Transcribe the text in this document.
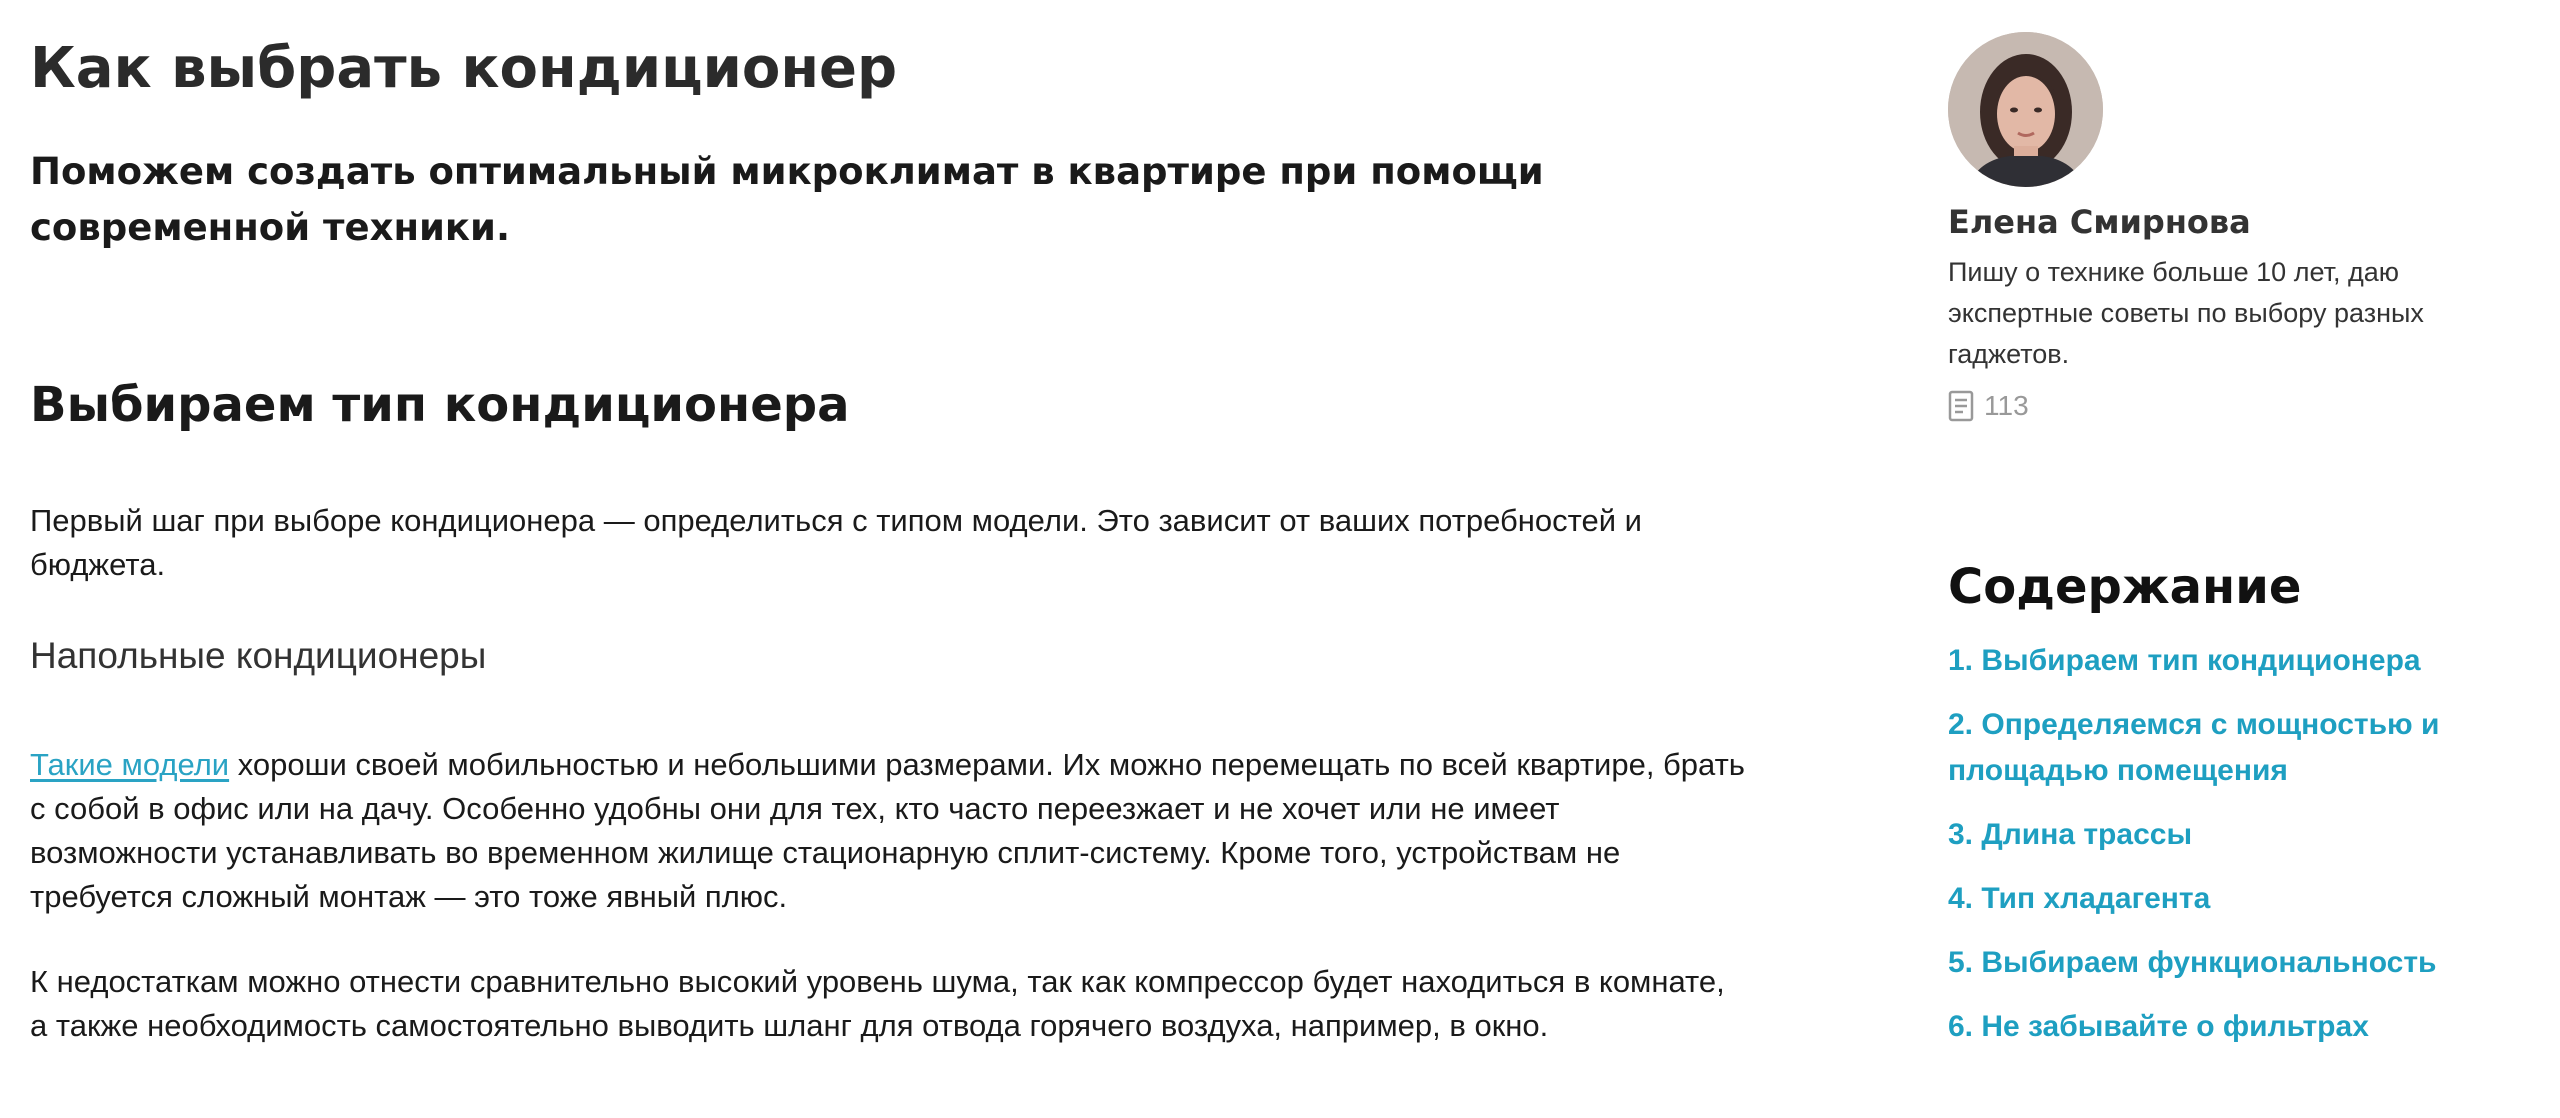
Как выбрать кондиционер

Поможем создать оптимальный микроклимат в квартире при помощи современной техники.

Выбираем тип кондиционера

Первый шаг при выборе кондиционера — определиться с типом модели. Это зависит от ваших потребностей и бюджета.

Напольные кондиционеры

Такие модели хороши своей мобильностью и небольшими размерами. Их можно перемещать по всей квартире, брать с собой в офис или на дачу. Особенно удобны они для тех, кто часто переезжает и не хочет или не имеет возможности устанавливать во временном жилище стационарную сплит-систему. Кроме того, устройствам не требуется сложный монтаж — это тоже явный плюс.

К недостаткам можно отнести сравнительно высокий уровень шума, так как компрессор будет находиться в комнате, а также необходимость самостоятельно выводить шланг для отвода горячего воздуха, например, в окно.

Елена Смирнова

Пишу о технике больше 10 лет, даю экспертные советы по выбору разных гаджетов.

113
Содержание
1. Выбираем тип кондиционера
2. Определяемся с мощностью и площадью помещения
3. Длина трассы
4. Тип хладагента
5. Выбираем функциональность
6. Не забывайте о фильтрах
